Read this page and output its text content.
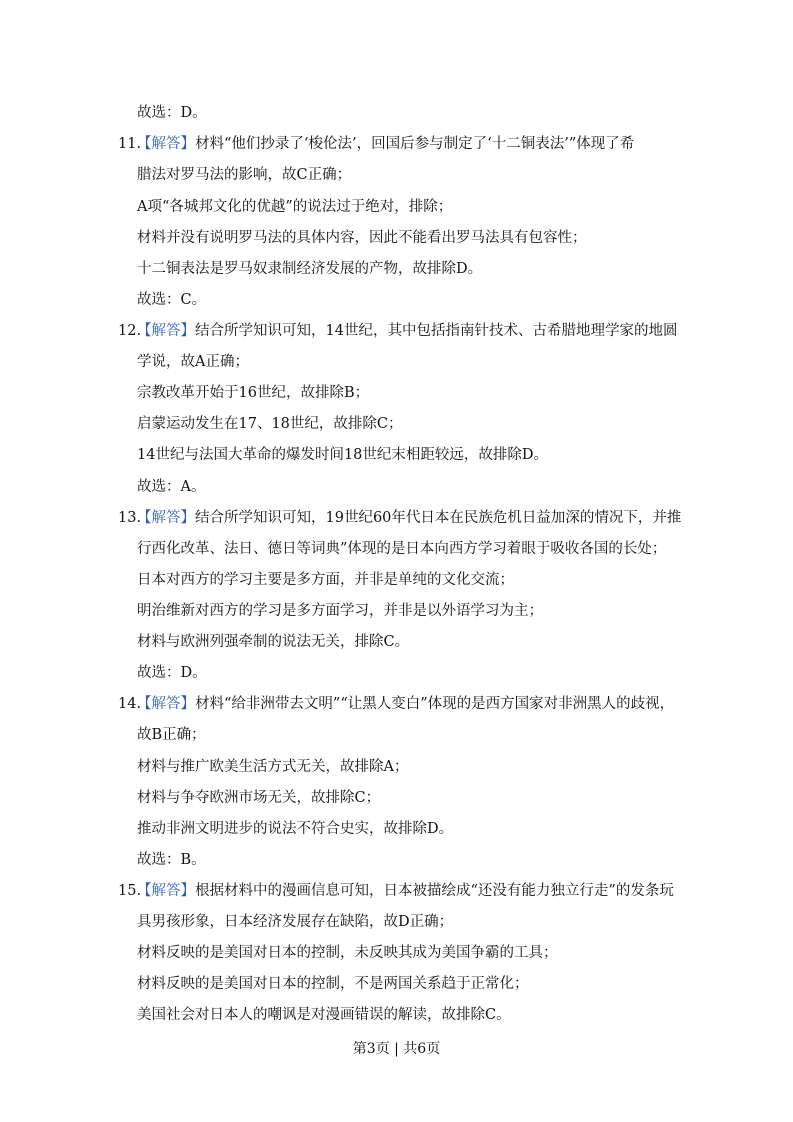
故选：D。
11.
【解答】材料“他们抄录了‘梭伦法’，回国后参与制定了‘十二铜表法’”体现了希
腊法对罗马法的影响，故C正确；
A项“各城邦文化的优越”的说法过于绝对，排除；
材料并没有说明罗马法的具体内容，因此不能看出罗马法具有包容性；
十二铜表法是罗马奴隶制经济发展的产物，故排除D。
故选：C。
12.
【解答】结合所学知识可知，14世纪，其中包括指南针技术、古希腊地理学家的地圆
学说，故A正确；
宗教改革开始于16世纪，故排除B；
启蒙运动发生在17、18世纪，故排除C；
14世纪与法国大革命的爆发时间18世纪末相距较远，故排除D。
故选：A。
13.
【解答】结合所学知识可知，19世纪60年代日本在民族危机日益加深的情况下，并推
行西化改革、法日、德日等词典”体现的是日本向西方学习着眼于吸收各国的长处；
日本对西方的学习主要是多方面，并非是单纯的文化交流；
明治维新对西方的学习是多方面学习，并非是以外语学习为主；
材料与欧洲列强牵制的说法无关，排除C。
故选：D。
14.
【解答】材料“给非洲带去文明”“让黑人变白”体现的是西方国家对非洲黑人的歧视，
故B正确；
材料与推广欧美生活方式无关，故排除A；
材料与争夺欧洲市场无关，故排除C；
推动非洲文明进步的说法不符合史实，故排除D。
故选：B。
15.
【解答】根据材料中的漫画信息可知，日本被描绘成“还没有能力独立行走”的发条玩
具男孩形象，日本经济发展存在缺陷，故D正确；
材料反映的是美国对日本的控制，未反映其成为美国争霸的工具；
材料反映的是美国对日本的控制，不是两国关系趋于正常化；
美国社会对日本人的嘲讽是对漫画错误的解读，故排除C。
第3页 | 共6页
